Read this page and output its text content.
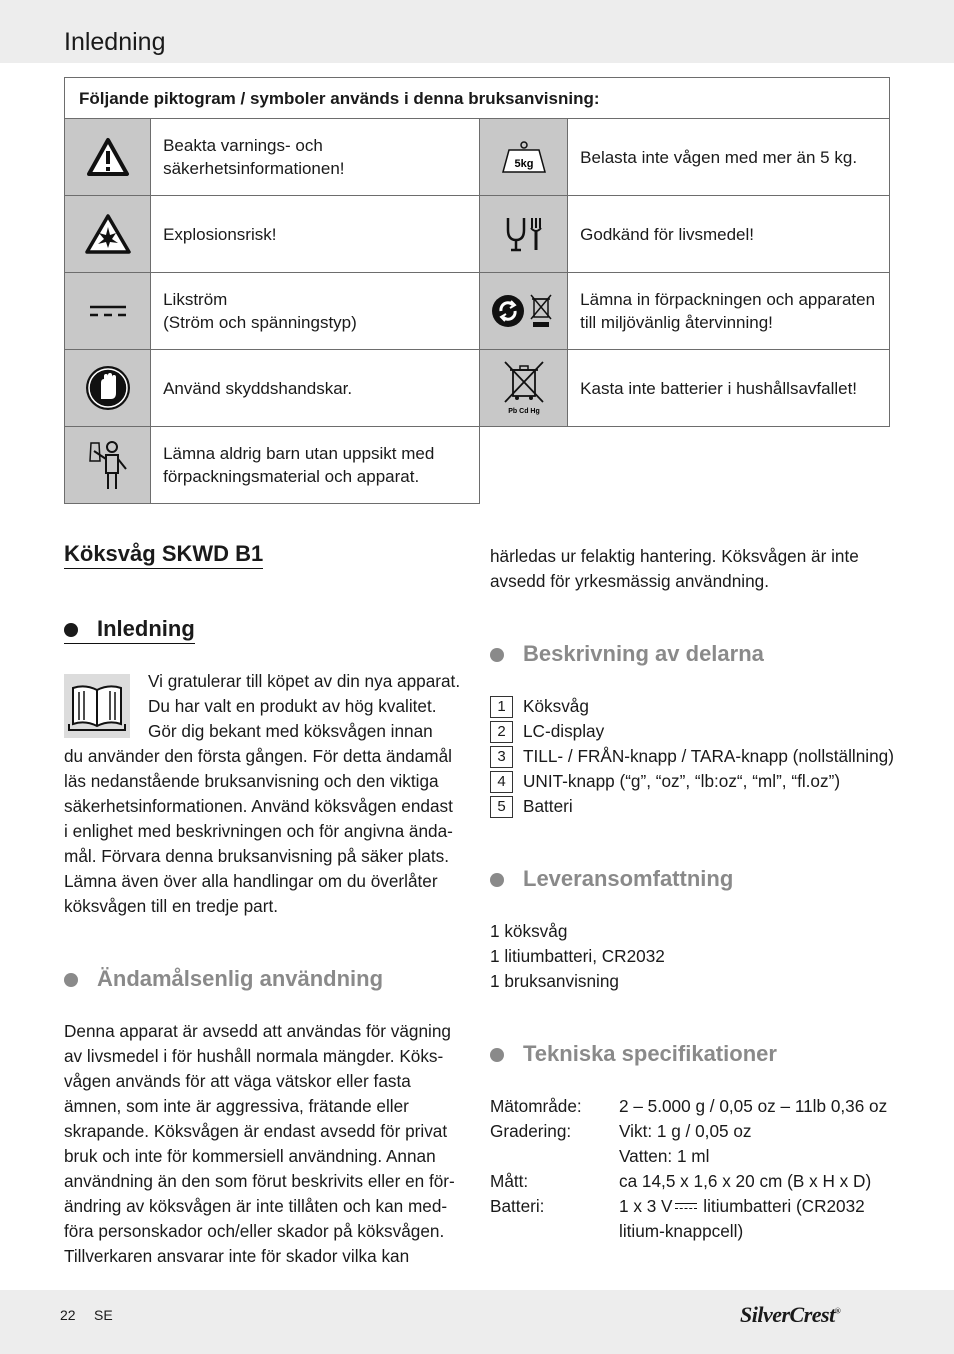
Inledning
Följande piktogram / symboler används i denna bruksanvisning:			

	Beakta varnings- och säkerhetsinformationen!	5kg	Belasta inte vågen med mer än 5 kg.

	Explosionsrisk!		Godkänd för livsmedel!

	Likström
(Ström och spänningstyp)		Lämna in förpackningen och apparaten till miljövänlig återvinning!

	Använd skyddshandskar.	Pb Cd Hg	Kasta inte batterier i hushållsavfallet!

	Lämna aldrig barn utan uppsikt med förpackningsmaterial och apparat.		
Köksvåg SKWD B1
Inledning
Vi gratulerar till köpet av din nya apparat.
Du har valt en produkt av hög kvalitet.
Gör dig bekant med köksvågen innan
du använder den första gången. För detta ändamål
läs nedanstående bruksanvisning och den viktiga
säkerhetsinformationen. Använd köksvågen endast
i enlighet med beskrivningen och för angivna ända-
mål. Förvara denna bruksanvisning på säker plats.
Lämna även över alla handlingar om du överlåter
köksvågen till en tredje part.
Ändamålsenlig användning
Denna apparat är avsedd att användas för vägning
av livsmedel i för hushåll normala mängder. Köks-
vågen används för att väga vätskor eller fasta
ämnen, som inte är aggressiva, frätande eller
skrapande. Köksvågen är endast avsedd för privat
bruk och inte för kommersiell användning. Annan
användning än den som förut beskrivits eller en för-
ändring av köksvågen är inte tillåten och kan med-
föra personskador och/eller skador på köksvågen.
Tillverkaren ansvarar inte för skador vilka kan
härledas ur felaktig hantering. Köksvågen är inte
avsedd för yrkesmässig användning.
Beskrivning av delarna
1	Köksvåg
2	LC-display
3	TILL- / FRÅN-knapp / TARA-knapp (nollställning)
4	UNIT-knapp (“g”, “oz”, “lb:oz“, “ml”, “fl.oz”)
5	Batteri
Leveransomfattning
1 köksvåg
1 litiumbatteri, CR2032
1 bruksanvisning
Tekniska specifikationer
Mätområde:	2 – 5.000 g / 0,05 oz – 11lb 0,36 oz
Gradering:	Vikt: 1 g / 0,05 oz
Vatten: 1 ml
Mått:	ca 14,5 x 1,6 x 20 cm (B x H x D)
Batteri:	1 x 3 V litiumbatteri (CR2032
litium-knappcell)
22 SE	SilverCrest®
